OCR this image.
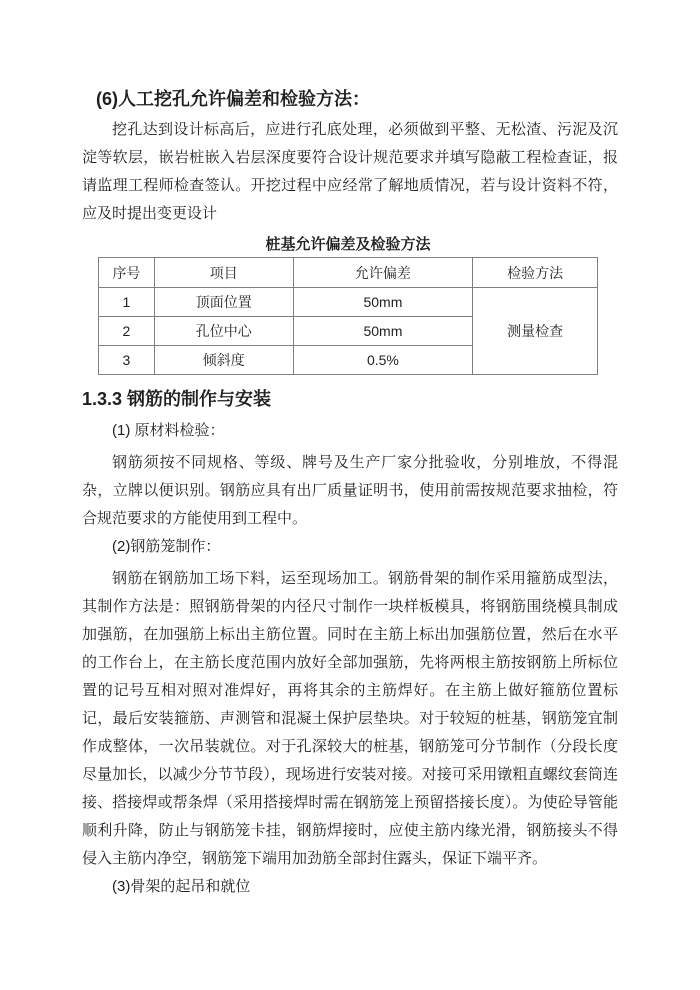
(6)人工挖孔允许偏差和检验方法：

挖孔达到设计标高后，应进行孔底处理，必须做到平整、无松渣、污泥及沉淀等软层，嵌岩桩嵌入岩层深度要符合设计规范要求并填写隐蔽工程检查证，报请监理工程师检查签认。开挖过程中应经常了解地质情况，若与设计资料不符，应及时提出变更设计

桩基允许偏差及检验方法
序号	项目	允许偏差	检验方法
1	顶面位置	50mm	测量检查
2	孔位中心	50mm	
3	倾斜度	0.5%	

1.3.3 钢筋的制作与安装

(1) 原材料检验：

钢筋须按不同规格、等级、牌号及生产厂家分批验收，分别堆放，不得混杂，立牌以便识别。钢筋应具有出厂质量证明书，使用前需按规范要求抽检，符合规范要求的方能使用到工程中。

(2)钢筋笼制作：

钢筋在钢筋加工场下料，运至现场加工。钢筋骨架的制作采用箍筋成型法，其制作方法是：照钢筋骨架的内径尺寸制作一块样板模具，将钢筋围绕模具制成加强筋，在加强筋上标出主筋位置。同时在主筋上标出加强筋位置，然后在水平的工作台上，在主筋长度范围内放好全部加强筋，先将两根主筋按钢筋上所标位置的记号互相对照对准焊好，再将其余的主筋焊好。在主筋上做好箍筋位置标记，最后安装箍筋、声测管和混凝土保护层垫块。对于较短的桩基，钢筋笼宜制作成整体，一次吊装就位。对于孔深较大的桩基，钢筋笼可分节制作（分段长度尽量加长，以减少分节节段），现场进行安装对接。对接可采用镦粗直螺纹套筒连接、搭接焊或帮条焊（采用搭接焊时需在钢筋笼上预留搭接长度）。为使砼导管能顺利升降，防止与钢筋笼卡挂，钢筋焊接时，应使主筋内缘光滑，钢筋接头不得侵入主筋内净空，钢筋笼下端用加劲筋全部封住露头，保证下端平齐。

(3)骨架的起吊和就位
